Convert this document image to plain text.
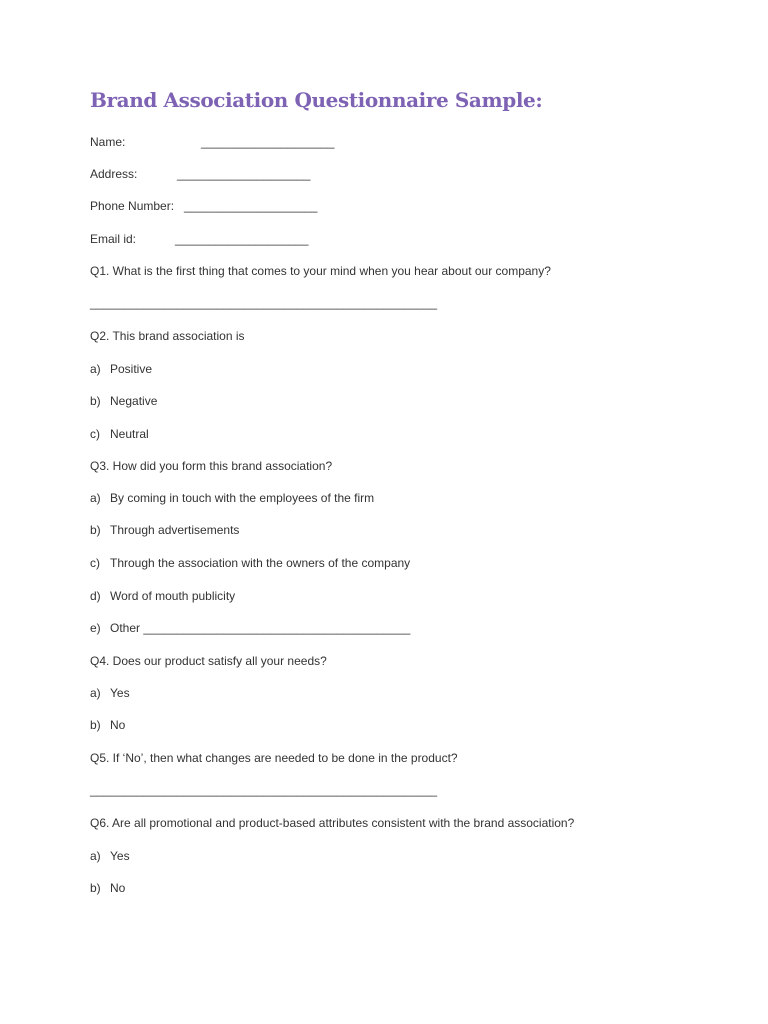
Brand Association Questionnaire Sample:
Name:	____________________
Address:	____________________
Phone Number: ____________________
Email id:	____________________
Q1. What is the first thing that comes to your mind when you hear about our company?
____________________________________________________
Q2. This brand association is
a) Positive
b) Negative
c) Neutral
Q3. How did you form this brand association?
a) By coming in touch with the employees of the firm
b) Through advertisements
c) Through the association with the owners of the company
d) Word of mouth publicity
e) Other ________________________________________
Q4. Does our product satisfy all your needs?
a) Yes
b) No
Q5. If ‘No’, then what changes are needed to be done in the product?
____________________________________________________
Q6. Are all promotional and product-based attributes consistent with the brand association?
a) Yes
b) No
